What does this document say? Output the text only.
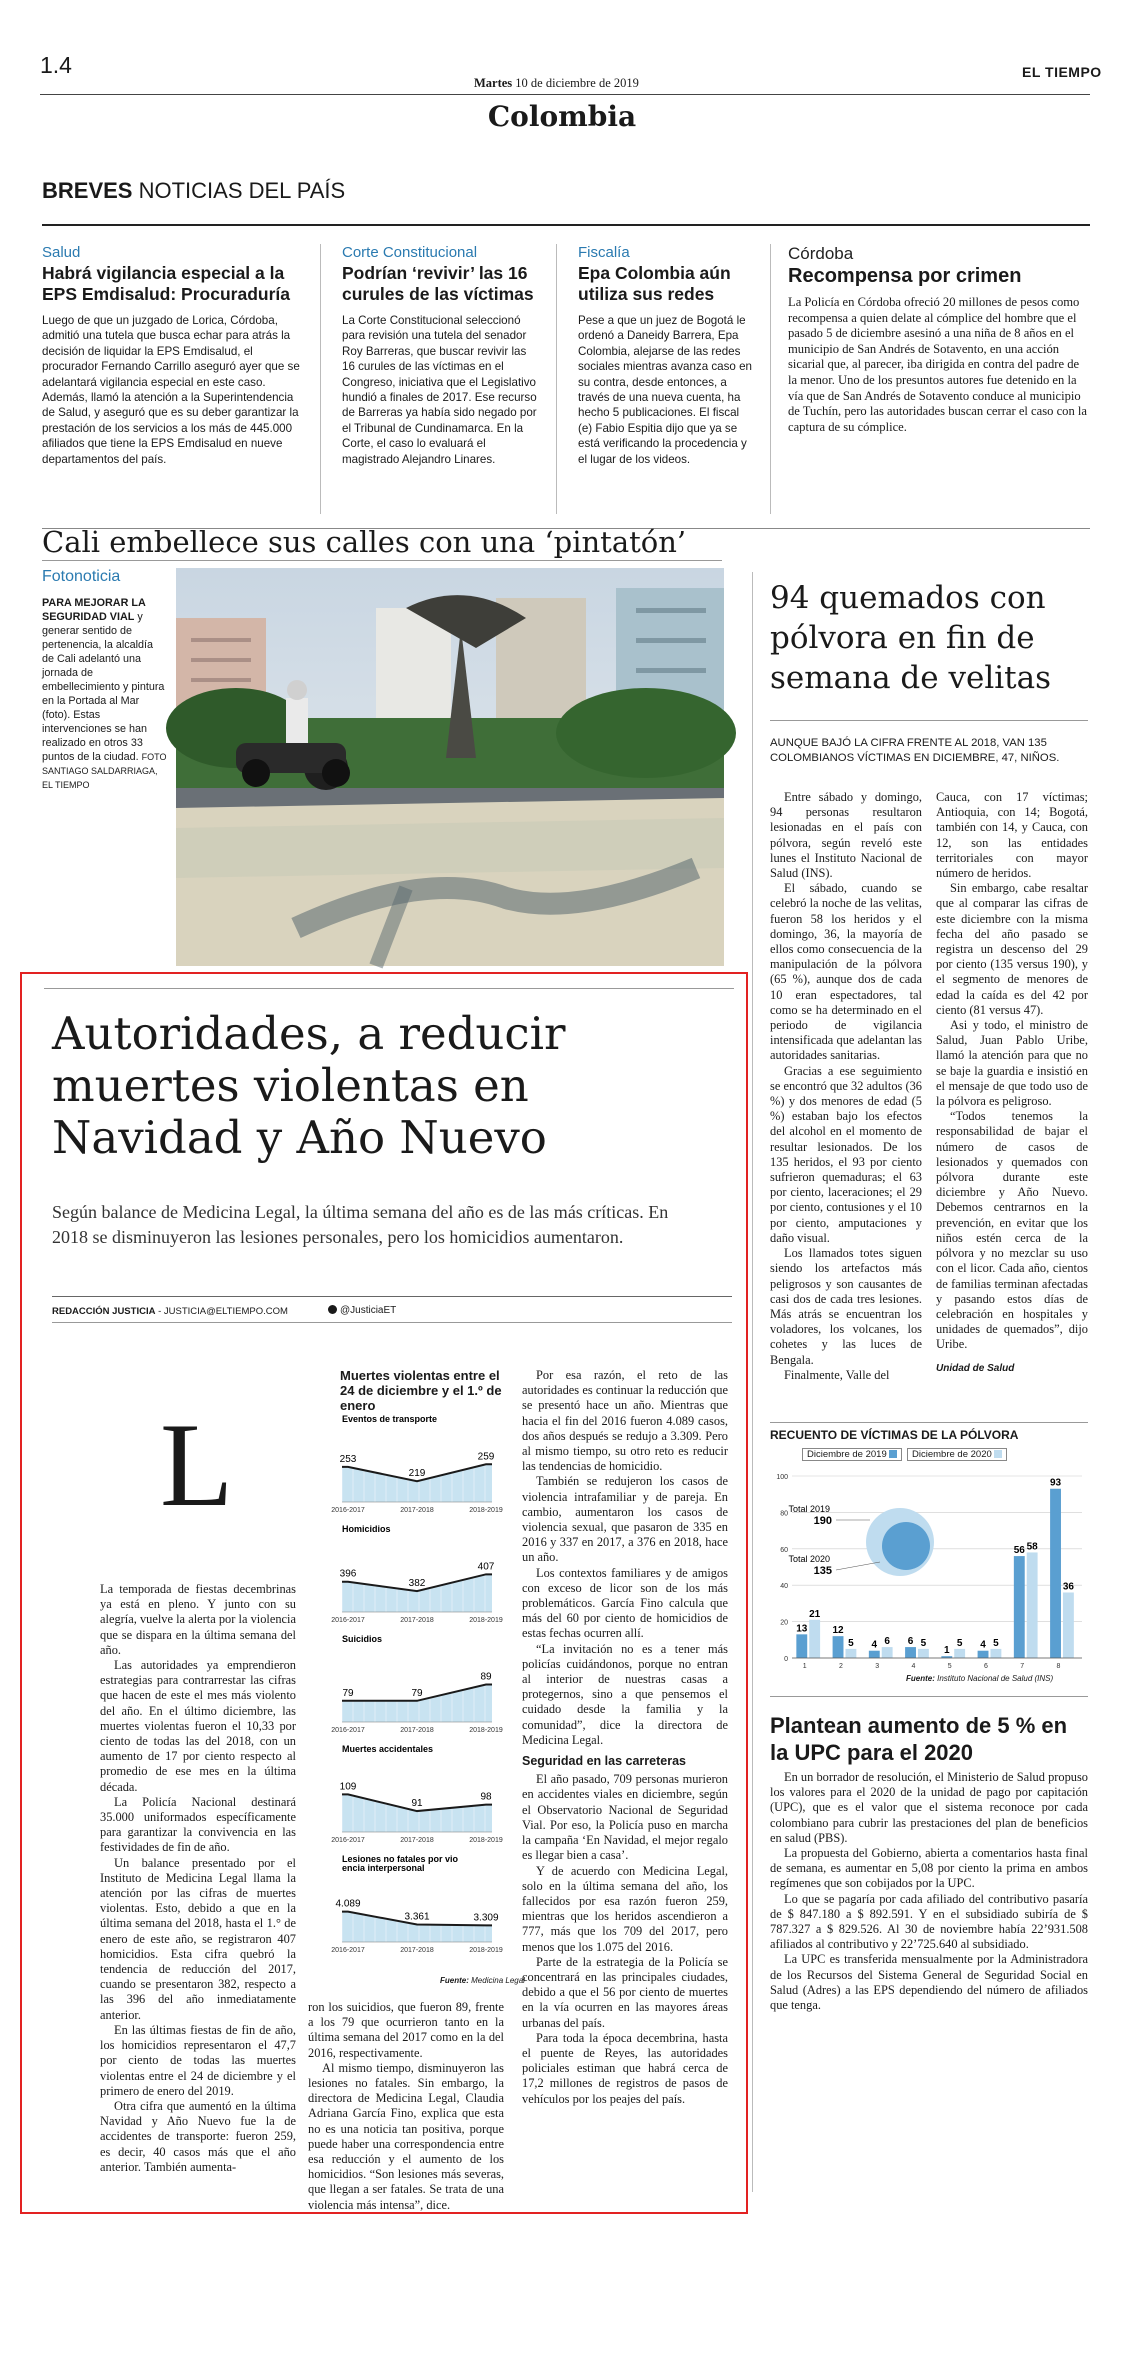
1.4
Martes 10 de diciembre de 2019
EL TIEMPO
Colombia
BREVES NOTICIAS DEL PAÍS
Salud
Habrá vigilancia especial a la EPS Emdisalud: Procuraduría

Luego de que un juzgado de Lorica, Córdoba, admitió una tutela que busca echar para atrás la decisión de liquidar la EPS Emdisalud, el procurador Fernando Carrillo aseguró ayer que se adelantará vigilancia especial en este caso. Además, llamó la atención a la Superintendencia de Salud, y aseguró que es su deber garantizar la prestación de los servicios a los más de 445.000 afiliados que tiene la EPS Emdisalud en nueve departamentos del país.

Corte Constitucional
Podrían ‘revivir’ las 16 curules de las víctimas

La Corte Constitucional seleccionó para revisión una tutela del senador Roy Barreras, que buscar revivir las 16 curules de las víctimas en el Congreso, iniciativa que el Legislativo hundió a finales de 2017. Ese recurso de Barreras ya había sido negado por el Tribunal de Cundinamarca. En la Corte, el caso lo evaluará el magistrado Alejandro Linares.

Fiscalía
Epa Colombia aún utiliza sus redes

Pese a que un juez de Bogotá le ordenó a Daneidy Barrera, Epa Colombia, alejarse de las redes sociales mientras avanza caso en su contra, desde entonces, a través de una nueva cuenta, ha hecho 5 publicaciones. El fiscal (e) Fabio Espitia dijo que ya se está verificando la procedencia y el lugar de los videos.

Córdoba
Recompensa por crimen

La Policía en Córdoba ofreció 20 millones de pesos como recompensa a quien delate al cómplice del hombre que el pasado 5 de diciembre asesinó a una niña de 8 años en el municipio de San Andrés de Sotavento, en una acción sicarial que, al parecer, iba dirigida en contra del padre de la menor. Uno de los presuntos autores fue detenido en la vía que de San Andrés de Sotavento conduce al municipio de Tuchín, pero las autoridades buscan cerrar el caso con la captura de su cómplice.

Cali embellece sus calles con una ‘pintatón’
Fotonoticia
PARA MEJORAR LA SEGURIDAD VIAL y generar sentido de pertenencia, la alcaldía de Cali adelantó una jornada de embellecimiento y pintura en la Portada al Mar (foto). Estas intervenciones se han realizado en otros 33 puntos de la ciudad. FOTO SANTIAGO SALDARRIAGA, EL TIEMPO
Autoridades, a reducir muertes violentas en Navidad y Año Nuevo
Según balance de Medicina Legal, la última semana del año es de las más críticas. En 2018 se disminuyeron las lesiones personales, pero los homicidios aumentaron.
REDACCIÓN JUSTICIA - JUSTICIA@ELTIEMPO.COM	@JusticiaET
L

La temporada de fiestas decembrinas ya está en pleno. Y junto con su alegría, vuelve la alerta por la violencia que se dispara en la última semana del año.

Las autoridades ya emprendieron estrategias para contrarrestar las cifras que hacen de este el mes más violento del año. En el último diciembre, las muertes violentas fueron el 10,33 por ciento de todas las del 2018, con un aumento de 17 por ciento respecto al promedio de ese mes en la última década.

La Policía Nacional destinará 35.000 uniformados específicamente para garantizar la convivencia en las festividades de fin de año.

Un balance presentado por el Instituto de Medicina Legal llama la atención por las cifras de muertes violentas. Esto, debido a que en la última semana del 2018, hasta el 1.° de enero de este año, se registraron 407 homicidios. Esta cifra quebró la tendencia de reducción del 2017, cuando se presentaron 382, respecto a las 396 del año inmediatamente anterior.

En las últimas fiestas de fin de año, los homicidios representaron el 47,7 por ciento de todas las muertes violentas entre el 24 de diciembre y el primero de enero del 2019.

Otra cifra que aumentó en la última Navidad y Año Nuevo fue la de accidentes de transporte: fueron 259, es decir, 40 casos más que el año anterior. También aumenta-

Muertes violentas entre el 24 de diciembre y el 1.º de enero
Eventos de transporte
253
2016-2017
219
2017-2018
259
2018-2019
Homicidios
396
2016-2017
382
2017-2018
407
2018-2019
Suicidios
79
2016-2017
79
2017-2018
89
2018-2019
Muertes accidentales
109
2016-2017
91
2017-2018
98
2018-2019
Lesiones no fatales por vio
encia interpersonal
4.089
2016-2017
3.361
2017-2018
3.309
2018-2019
Fuente: Medicina Legal

ron los suicidios, que fueron 89, frente a los 79 que ocurrieron tanto en la última semana del 2017 como en la del 2016, respectivamente.

Al mismo tiempo, disminuyeron las lesiones no fatales. Sin embargo, la directora de Medicina Legal, Claudia Adriana García Fino, explica que esta no es una noticia tan positiva, porque puede haber una correspondencia entre esa reducción y el aumento de los homicidios. “Son lesiones más severas, que llegan a ser fatales. Se trata de una violencia más intensa”, dice.

Por esa razón, el reto de las autoridades es continuar la reducción que se presentó hace un año. Mientras que hacia el fin del 2016 fueron 4.089 casos, dos años después se redujo a 3.309. Pero al mismo tiempo, su otro reto es reducir las tendencias de homicidio.

También se redujeron los casos de violencia intrafamiliar y de pareja. En cambio, aumentaron los casos de violencia sexual, que pasaron de 335 en 2016 y 337 en 2017, a 376 en 2018, hace un año.

Los contextos familiares y de amigos con exceso de licor son de los más problemáticos. García Fino calcula que más del 60 por ciento de homicidios de estas fechas ocurren allí.

“La invitación no es a tener más policías cuidándonos, porque no entran al interior de nuestras casas a protegernos, sino a que pensemos el cuidado desde la familia y la comunidad”, dice la directora de Medicina Legal.

Seguridad en las carreteras

El año pasado, 709 personas murieron en accidentes viales en diciembre, según el Observatorio Nacional de Seguridad Vial. Por eso, la Policía puso en marcha la campaña ‘En Navidad, el mejor regalo es llegar bien a casa’.

Y de acuerdo con Medicina Legal, solo en la última semana del año, los fallecidos por esa razón fueron 259, mientras que los heridos ascendieron a 777, más que los 709 del 2017, pero menos que los 1.075 del 2016.

Parte de la estrategia de la Policía se concentrará en las principales ciudades, debido a que el 56 por ciento de muertes en la vía ocurren en las mayores áreas urbanas del país.

Para toda la época decembrina, hasta el puente de Reyes, las autoridades policiales estiman que habrá cerca de 17,2 millones de registros de pasos de vehículos por los peajes del país.

94 quemados con pólvora en fin de semana de velitas
AUNQUE BAJÓ LA CIFRA FRENTE AL 2018, VAN 135 COLOMBIANOS VÍCTIMAS EN DICIEMBRE, 47, NIÑOS.

Entre sábado y domingo, 94 personas resultaron lesionadas en el país con pólvora, según reveló este lunes el Instituto Nacional de Salud (INS).

El sábado, cuando se celebró la noche de las velitas, fueron 58 los heridos y el domingo, 36, la mayoría de ellos como consecuencia de la manipulación de la pólvora (65 %), aunque dos de cada 10 eran espectadores, tal como se ha determinado en el periodo de vigilancia intensificada que adelantan las autoridades sanitarias.

Gracias a ese seguimiento se encontró que 32 adultos (36 %) y dos menores de edad (5 %) estaban bajo los efectos del alcohol en el momento de resultar lesionados. De los 135 heridos, el 93 por ciento sufrieron quemaduras; el 63 por ciento, laceraciones; el 29 por ciento, contusiones y el 10 por ciento, amputaciones y daño visual.

Los llamados totes siguen siendo los artefactos más peligrosos y son causantes de casi dos de cada tres lesiones. Más atrás se encuentran los voladores, los volcanes, los cohetes y las luces de Bengala.

Finalmente, Valle del

Cauca, con 17 víctimas; Antioquia, con 14; Bogotá, también con 14, y Cauca, con 12, son las entidades territoriales con mayor número de heridos.

Sin embargo, cabe resaltar que al comparar las cifras de este diciembre con la misma fecha del año pasado se registra un descenso del 29 por ciento (135 versus 190), y el segmento de menores de edad la caída es del 42 por ciento (81 versus 47).

Asi y todo, el ministro de Salud, Juan Pablo Uribe, llamó la atención para que no se baje la guardia e insistió en el mensaje de que todo uso de la pólvora es peligroso.

“Todos tenemos la responsabilidad de bajar el número de casos de lesionados y quemados con pólvora durante este diciembre y Año Nuevo. Debemos centrarnos en la prevención, en evitar que los niños estén cerca de la pólvora y no mezclar su uso con el licor. Cada año, cientos de familias terminan afectadas y pasando estos días de celebración en hospitales y unidades de quemados”, dijo Uribe.

Unidad de Salud
RECUENTO DE VÍCTIMAS DE LA PÓLVORA
Diciembre de 2019	Diciembre de 2020
0
20
40
60
80
100
13
21
1
12
5
2
4 6
3
6 5
4
1
5
5
4 5
6
56 58
7
93
36
8
Total 2019
190
Total 2020
135
Fuente: Instituto Nacional de Salud (INS)
Plantean aumento de 5 % en la UPC para el 2020

En un borrador de resolución, el Ministerio de Salud propuso los valores para el 2020 de la unidad de pago por capitación (UPC), que es el valor que el sistema reconoce por cada colombiano para cubrir las prestaciones del plan de beneficios en salud (PBS).

La propuesta del Gobierno, abierta a comentarios hasta final de semana, es aumentar en 5,08 por ciento la prima en ambos regímenes que son cobijados por la UPC.

Lo que se pagaría por cada afiliado del contributivo pasaría de $ 847.180 a $ 892.591. Y en el subsidiado subiría de $ 787.327 a $ 829.526. Al 30 de noviembre había 22’931.508 afiliados al contributivo y 22’725.640 al subsidiado.

La UPC es transferida mensualmente por la Administradora de los Recursos del Sistema General de Seguridad Social en Salud (Adres) a las EPS dependiendo del número de afiliados que tenga.
